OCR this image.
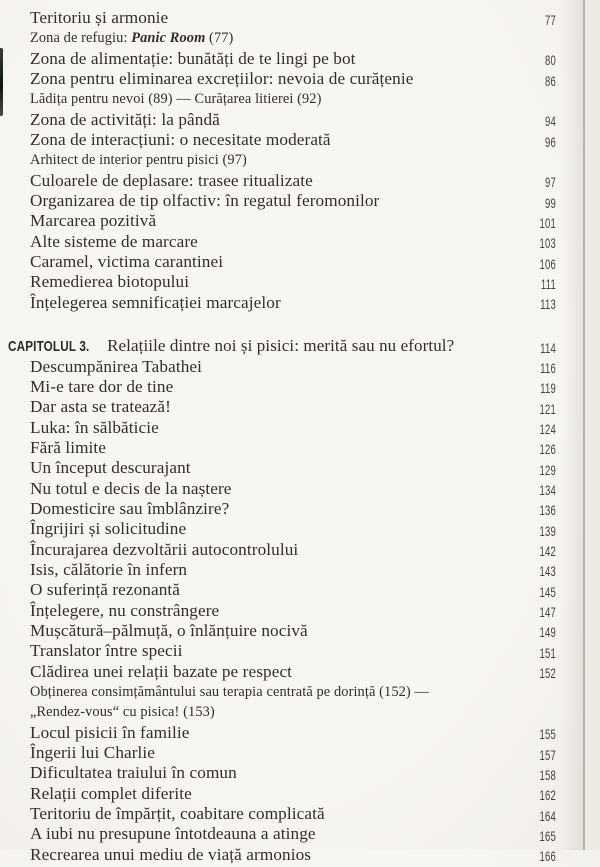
Teritoriu și armonie	77
Zona de refugiu: Panic Room (77)
Zona de alimentație: bunătăți de te lingi pe bot	80
Zona pentru eliminarea excrețiilor: nevoia de curățenie	86
Lădița pentru nevoi (89) — Curățarea litierei (92)
Zona de activități: la pândă	94
Zona de interacțiuni: o necesitate moderată	96
Arhitect de interior pentru pisici (97)
Culoarele de deplasare: trasee ritualizate	97
Organizarea de tip olfactiv: în regatul feromonilor	99
Marcarea pozitivă	101
Alte sisteme de marcare	103
Caramel, victima carantinei	106
Remedierea biotopului	111
Înțelegerea semnificației marcajelor	113
CAPITOLUL 3.  Relațiile dintre noi și pisici: merită sau nu efortul?	114
Descumpănirea Tabathei	116
Mi-e tare dor de tine	119
Dar asta se tratează!	121
Luka: în sălbăticie	124
Fără limite	126
Un început descurajant	129
Nu totul e decis de la naștere	134
Domesticire sau îmblânzire?	136
Îngrijiri și solicitudine	139
Încurajarea dezvoltării autocontrolului	142
Isis, călătorie în infern	143
O suferință rezonantă	145
Înțelegere, nu constrângere	147
Mușcătură–pălmuță, o înlănțuire nocivă	149
Translator între specii	151
Clădirea unei relații bazate pe respect	152
Obținerea consimțământului sau terapia centrată pe dorință (152) —
„Rendez-vous“ cu pisica! (153)
Locul pisicii în familie	155
Îngerii lui Charlie	157
Dificultatea traiului în comun	158
Relații complet diferite	162
Teritoriu de împărțit, coabitare complicată	164
A iubi nu presupune întotdeauna a atinge	165
Recrearea unui mediu de viață armonios	166
